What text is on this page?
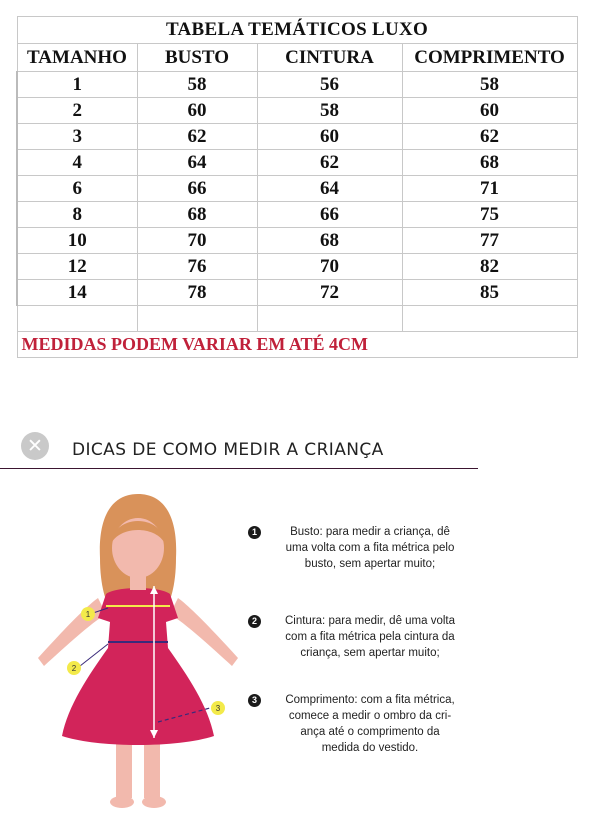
TABELA TEMÁTICOS LUXO			
TAMANHO	BUSTO	CINTURA	COMPRIMENTO
1	58	56	58
2	60	58	60
3	62	60	62
4	64	62	68
6	66	64	71
8	68	66	75
10	70	68	77
12	76	70	82
14	78	72	85

MEDIDAS PODEM VARIAR EM ATÉ 4CM			
✕	DICAS DE COMO MEDIR A CRIANÇA
1
2
3
1	Busto: para medir a criança, dê
uma volta com a fita métrica pelo
busto, sem apertar muito;
2	Cintura: para medir, dê uma volta
com a fita métrica pela cintura da
criança, sem apertar muito;
3	Comprimento: com a fita métrica,
comece a medir o ombro da cri-
ança até o comprimento da
medida do vestido.
